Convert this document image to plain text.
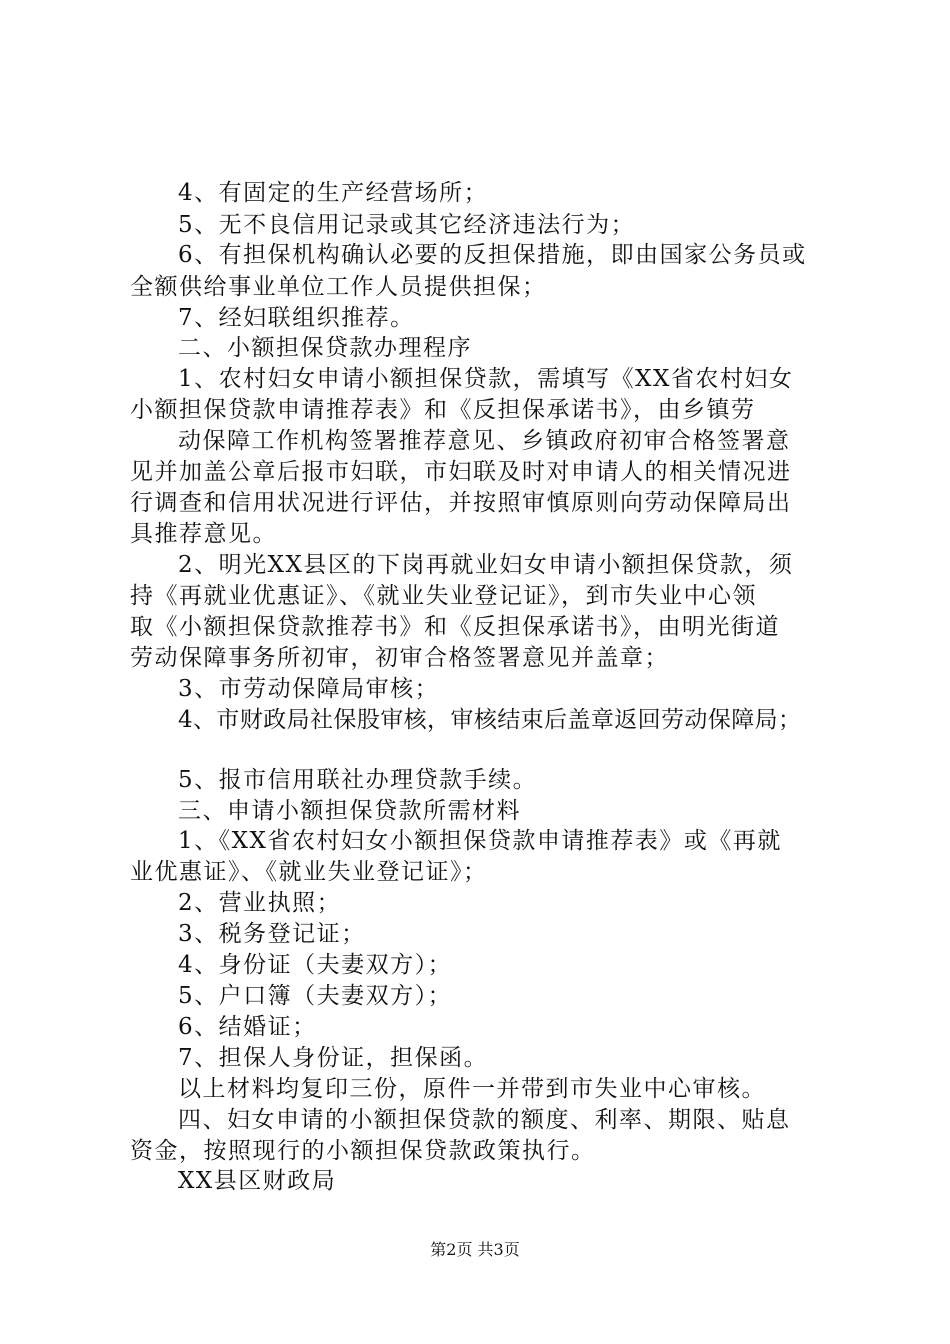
4、有固定的生产经营场所；
5、无不良信用记录或其它经济违法行为；
6、有担保机构确认必要的反担保措施，即由国家公务员或
全额供给事业单位工作人员提供担保；
7、经妇联组织推荐。
二、小额担保贷款办理程序
1、农村妇女申请小额担保贷款，需填写《XX省农村妇女
小额担保贷款申请推荐表》和《反担保承诺书》，由乡镇劳
动保障工作机构签署推荐意见、乡镇政府初审合格签署意
见并加盖公章后报市妇联，市妇联及时对申请人的相关情况进
行调查和信用状况进行评估，并按照审慎原则向劳动保障局出
具推荐意见。
2、明光XX县区的下岗再就业妇女申请小额担保贷款，须
持《再就业优惠证》、《就业失业登记证》，到市失业中心领
取《小额担保贷款推荐书》和《反担保承诺书》，由明光街道
劳动保障事务所初审，初审合格签署意见并盖章；
3、市劳动保障局审核；
4、市财政局社保股审核，审核结束后盖章返回劳动保障局；
5、报市信用联社办理贷款手续。
三、申请小额担保贷款所需材料
1、《XX省农村妇女小额担保贷款申请推荐表》或《再就
业优惠证》、《就业失业登记证》；
2、营业执照；
3、税务登记证；
4、身份证（夫妻双方）；
5、户口簿（夫妻双方）；
6、结婚证；
7、担保人身份证，担保函。
以上材料均复印三份，原件一并带到市失业中心审核。
四、妇女申请的小额担保贷款的额度、利率、期限、贴息
资金，按照现行的小额担保贷款政策执行。
XX县区财政局
第2页 共3页
